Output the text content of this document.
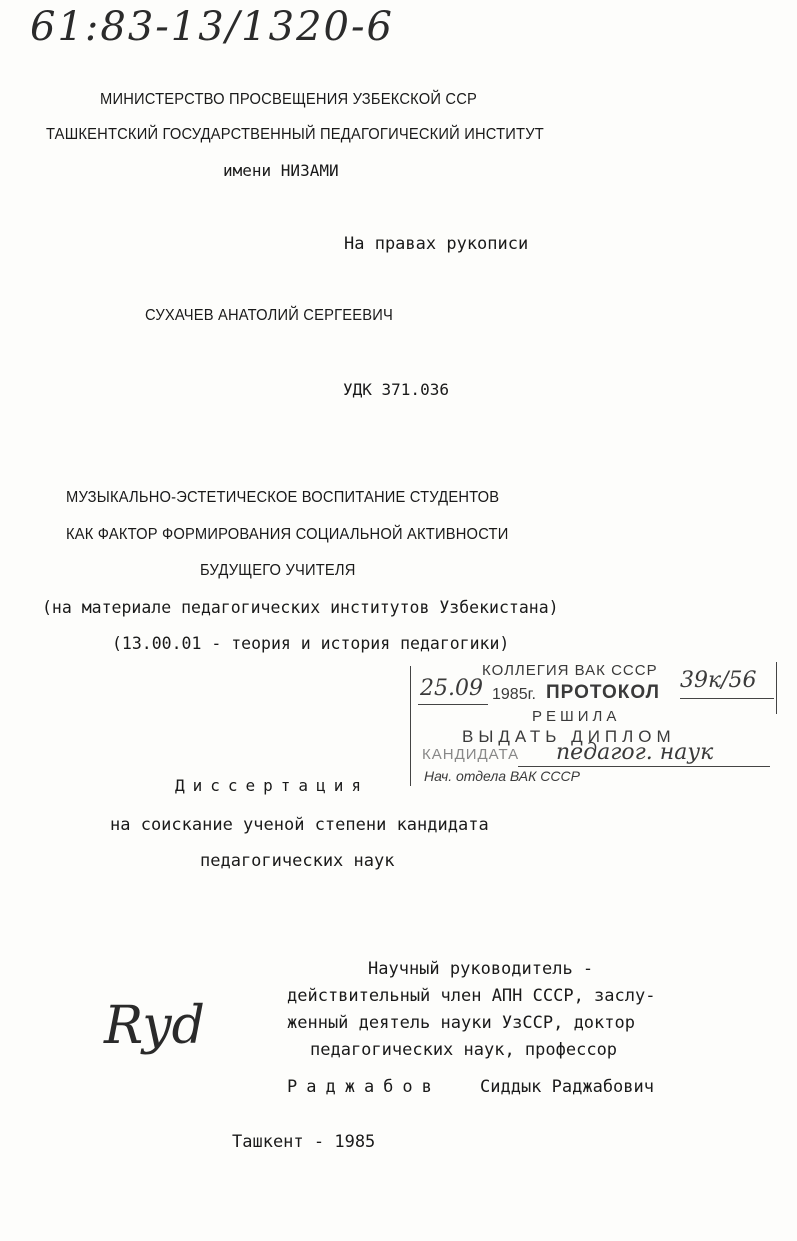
61:83-13/1320-6
МИНИСТЕРСТВО ПРОСВЕЩЕНИЯ УЗБЕКСКОЙ ССР
ТАШКЕНТСКИЙ ГОСУДАРСТВЕННЫЙ ПЕДАГОГИЧЕСКИЙ ИНСТИТУТ
имени НИЗАМИ
На правах рукописи
СУХАЧЕВ АНАТОЛИЙ СЕРГЕЕВИЧ
УДК 371.036
МУЗЫКАЛЬНО-ЭСТЕТИЧЕСКОЕ ВОСПИТАНИЕ СТУДЕНТОВ
КАК ФАКТОР ФОРМИРОВАНИЯ СОЦИАЛЬНОЙ АКТИВНОСТИ
БУДУЩЕГО УЧИТЕЛЯ
(на материале педагогических институтов Узбекистана)
(13.00.01 - теория и история педагогики)
КОЛЛЕГИЯ ВАК СССР
25.09 1985г. ПРОТОКОЛ 39к/56
РЕШИЛА
ВЫДАТЬ ДИПЛОМ
КАНДИДАТА педагог. наук
Нач. отдела ВАК СССР
Диссертация
на соискание ученой степени кандидата
педагогических наук
Научный руководитель -
действительный член АПН СССР, заслу-
женный деятель науки УзССР, доктор
педагогических наук, профессор
Раджабов Сиддык Раджабович
Ryd
Ташкент - 1985
